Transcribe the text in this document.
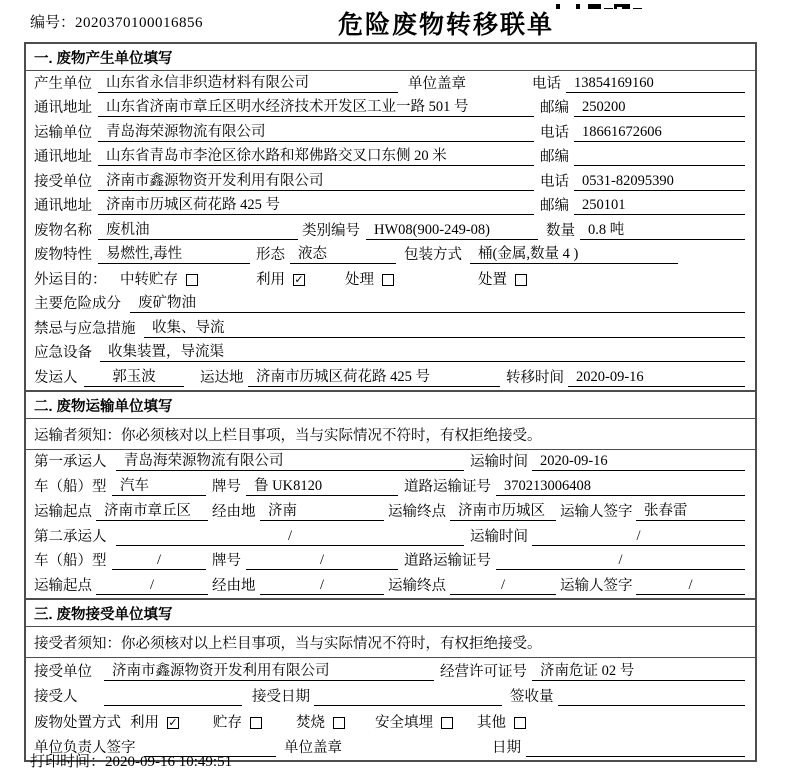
编号：2020370100016856	危险废物转移联单
一. 废物产生单位填写
产生单位 山东省永信非织造材料有限公司	单位盖章	电话 13854169160
通讯地址 山东省济南市章丘区明水经济技术开发区工业一路 501 号	邮编 250200
运输单位 青岛海荣源物流有限公司	电话 18661672606
通讯地址 山东省青岛市李沧区徐水路和郑佛路交叉口东侧 20 米	邮编
接受单位 济南市鑫源物资开发利用有限公司	电话 0531-82095390
通讯地址 济南市历城区荷花路 425 号	邮编 250101
废物名称 废机油	类别编号 HW08(900-249-08)	数量 0.8 吨
废物特性 易燃性,毒性	形态 液态	包装方式	桶(金属,数量 4 )
外运目的： 中转贮存	利用 ✓	处理	处置
主要危险成分	废矿物油
禁忌与应急措施	收集、导流
应急设备	收集装置，导流渠
发运人	郭玉波	运达地 济南市历城区荷花路 425 号	转移时间 2020-09-16
二. 废物运输单位填写
运输者须知：你必须核对以上栏目事项，当与实际情况不符时，有权拒绝接受。
第一承运人	青岛海荣源物流有限公司	运输时间 2020-09-16
车（船）型 汽车	牌号 鲁 UK8120	道路运输证号 370213006408
运输起点 济南市章丘区	经由地 济南	运输终点 济南市历城区	运输人签字 张春雷
第二承运人	/	运输时间	/
车（船）型	/	牌号	/	道路运输证号	/
运输起点	/	经由地	/	运输终点	/	运输人签字	/
三. 废物接受单位填写
接受者须知：你必须核对以上栏目事项，当与实际情况不符时，有权拒绝接受。
接受单位	济南市鑫源物资开发利用有限公司	经营许可证号 济南危证 02 号
接受人	接受日期	签收量
废物处置方式 利用 ✓ 贮存	焚烧	安全填埋	其他
单位负责人签字	单位盖章	日期
打印时间：2020-09-16 10:49:51
